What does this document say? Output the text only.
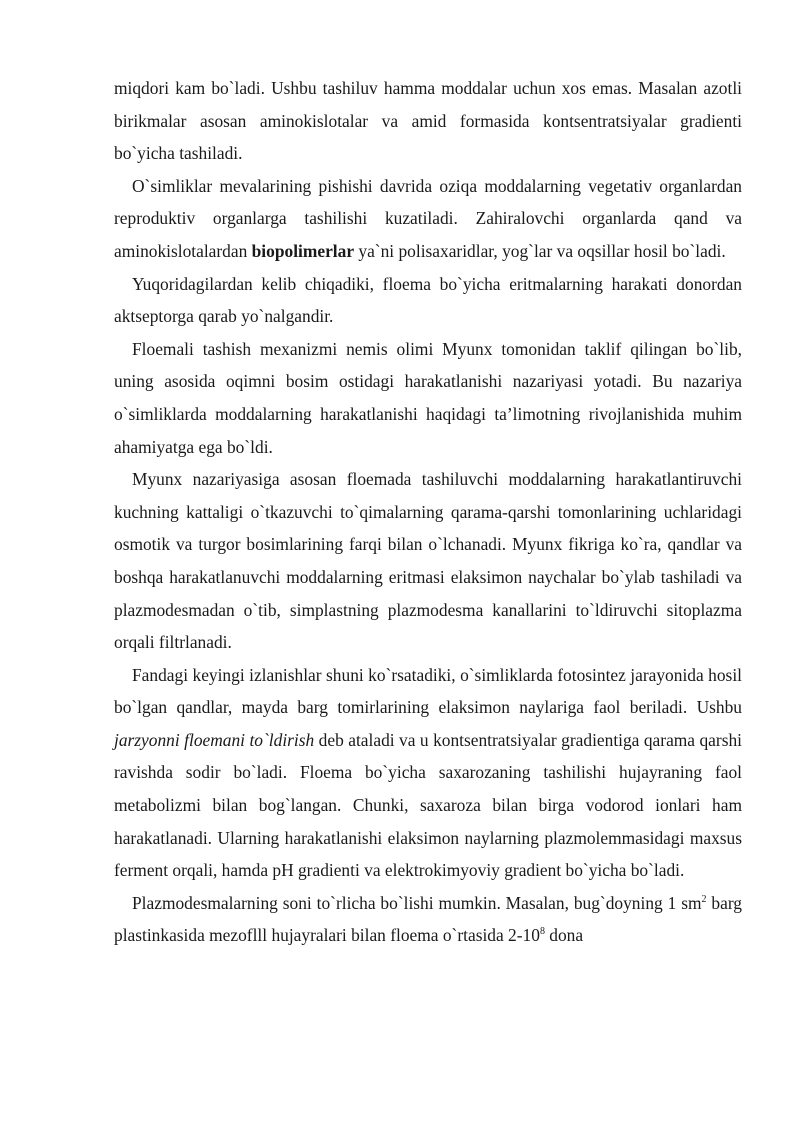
miqdori kam bo`ladi. Ushbu tashiluv hamma moddalar uchun xos emas. Masalan azotli birikmalar asosan aminokislotalar va amid formasida kontsentratsiyalar gradienti bo`yicha tashiladi.

O`simliklar mevalarining pishishi davrida oziqa moddalarning vegetativ organlardan reproduktiv organlarga tashilishi kuzatiladi. Zahiralovchi organlarda qand va aminokislotalardan biopolimerlar ya`ni polisaxaridlar, yog`lar va oqsillar hosil bo`ladi.

Yuqoridagilardan kelib chiqadiki, floema bo`yicha eritmalarning harakati donordan aktseptorga qarab yo`nalgandir.

Floemali tashish mexanizmi nemis olimi Myunx tomonidan taklif qilingan bo`lib, uning asosida oqimni bosim ostidagi harakatlanishi nazariyasi yotadi. Bu nazariya o`simliklarda moddalarning harakatlanishi haqidagi ta’limotning rivojlanishida muhim ahamiyatga ega bo`ldi.

Myunx nazariyasiga asosan floemada tashiluvchi moddalarning harakatlantiruvchi kuchning kattaligi o`tkazuvchi to`qimalarning qarama-qarshi tomonlarining uchlaridagi osmotik va turgor bosimlarining farqi bilan o`lchanadi. Myunx fikriga ko`ra, qandlar va boshqa harakatlanuvchi moddalarning eritmasi elaksimon naychalar bo`ylab tashiladi va plazmodesmadan o`tib, simplastning plazmodesma kanallarini to`ldiruvchi sitoplazma orqali filtrlanadi.

Fandagi keyingi izlanishlar shuni ko`rsatadiki, o`simliklarda fotosintez jarayonida hosil bo`lgan qandlar, mayda barg tomirlarining elaksimon naylariga faol beriladi. Ushbu jarzyonni floemani to`ldirish deb ataladi va u kontsentratsiyalar gradientiga qarama qarshi ravishda sodir bo`ladi. Floema bo`yicha saxarozaning tashilishi hujayraning faol metabolizmi bilan bog`langan. Chunki, saxaroza bilan birga vodorod ionlari ham harakatlanadi. Ularning harakatlanishi elaksimon naylarning plazmolemmasidagi maxsus ferment orqali, hamda pH gradienti va elektrokimyoviy gradient bo`yicha bo`ladi.

Plazmodesmalarning soni to`rlicha bo`lishi mumkin. Masalan, bug`doyning 1 $sm^2$ barg plastinkasida mezoflll hujayralari bilan floema o`rtasida $2-10^8$ dona
